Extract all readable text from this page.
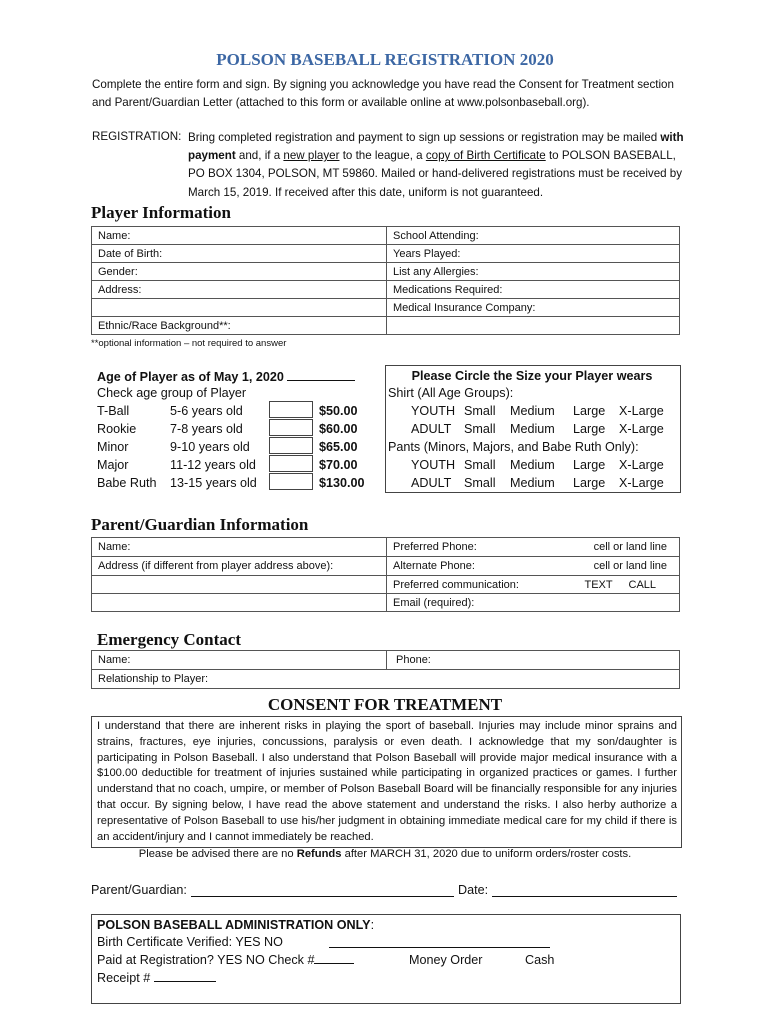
POLSON BASEBALL REGISTRATION 2020
Complete the entire form and sign. By signing you acknowledge you have read the Consent for Treatment section and Parent/Guardian Letter (attached to this form or available online at www.polsonbaseball.org).
REGISTRATION: Bring completed registration and payment to sign up sessions or registration may be mailed with payment and, if a new player to the league, a copy of Birth Certificate to POLSON BASEBALL, PO BOX 1304, POLSON, MT 59860. Mailed or hand-delivered registrations must be received by March 15, 2019. If received after this date, uniform is not guaranteed.
Player Information
Name:	School Attending:
Date of Birth:	Years Played:
Gender:	List any Allergies:
Address:	Medications Required:
	Medical Insurance Company:
Ethnic/Race Background**:	
**optional information – not required to answer
Age of Player as of May 1, 2020
Check age group of Player
T-Ball	5-6 years old	$50.00
Rookie	7-8 years old	$60.00
Minor	9-10 years old	$65.00
Major	11-12 years old	$70.00
Babe Ruth 13-15 years old	$130.00
Please Circle the Size your Player wears
Shirt (All Age Groups):
YOUTH Small Medium Large X-Large
ADULT Small Medium Large X-Large
Pants (Minors, Majors, and Babe Ruth Only):
YOUTH Small Medium Large X-Large
ADULT Small Medium Large X-Large
Parent/Guardian Information
Name:	Preferred Phone: cell or land line

Address (if different from player address above):	Alternate Phone: cell or land line

	Preferred communication: TEXT CALL

	Email (required):
Emergency Contact
Name:	Phone:
Relationship to Player:
CONSENT FOR TREATMENT
I understand that there are inherent risks in playing the sport of baseball. Injuries may include minor sprains and strains, fractures, eye injuries, concussions, paralysis or even death. I acknowledge that my son/daughter is participating in Polson Baseball. I also understand that Polson Baseball will provide major medical insurance with a $100.00 deductible for treatment of injuries sustained while participating in organized practices or games. I further understand that no coach, umpire, or member of Polson Baseball Board will be financially responsible for any injuries that occur. By signing below, I have read the above statement and understand the risks. I also herby authorize a representative of Polson Baseball to use his/her judgment in obtaining immediate medical care for my child if there is an accident/injury and I cannot immediately be reached.
Please be advised there are no Refunds after MARCH 31, 2020 due to uniform orders/roster costs.
Parent/Guardian:	Date:
POLSON BASEBALL ADMINISTRATION ONLY:
Birth Certificate Verified: YES NO
Paid at Registration? YES NO Check #	Money Order	Cash
Receipt #
